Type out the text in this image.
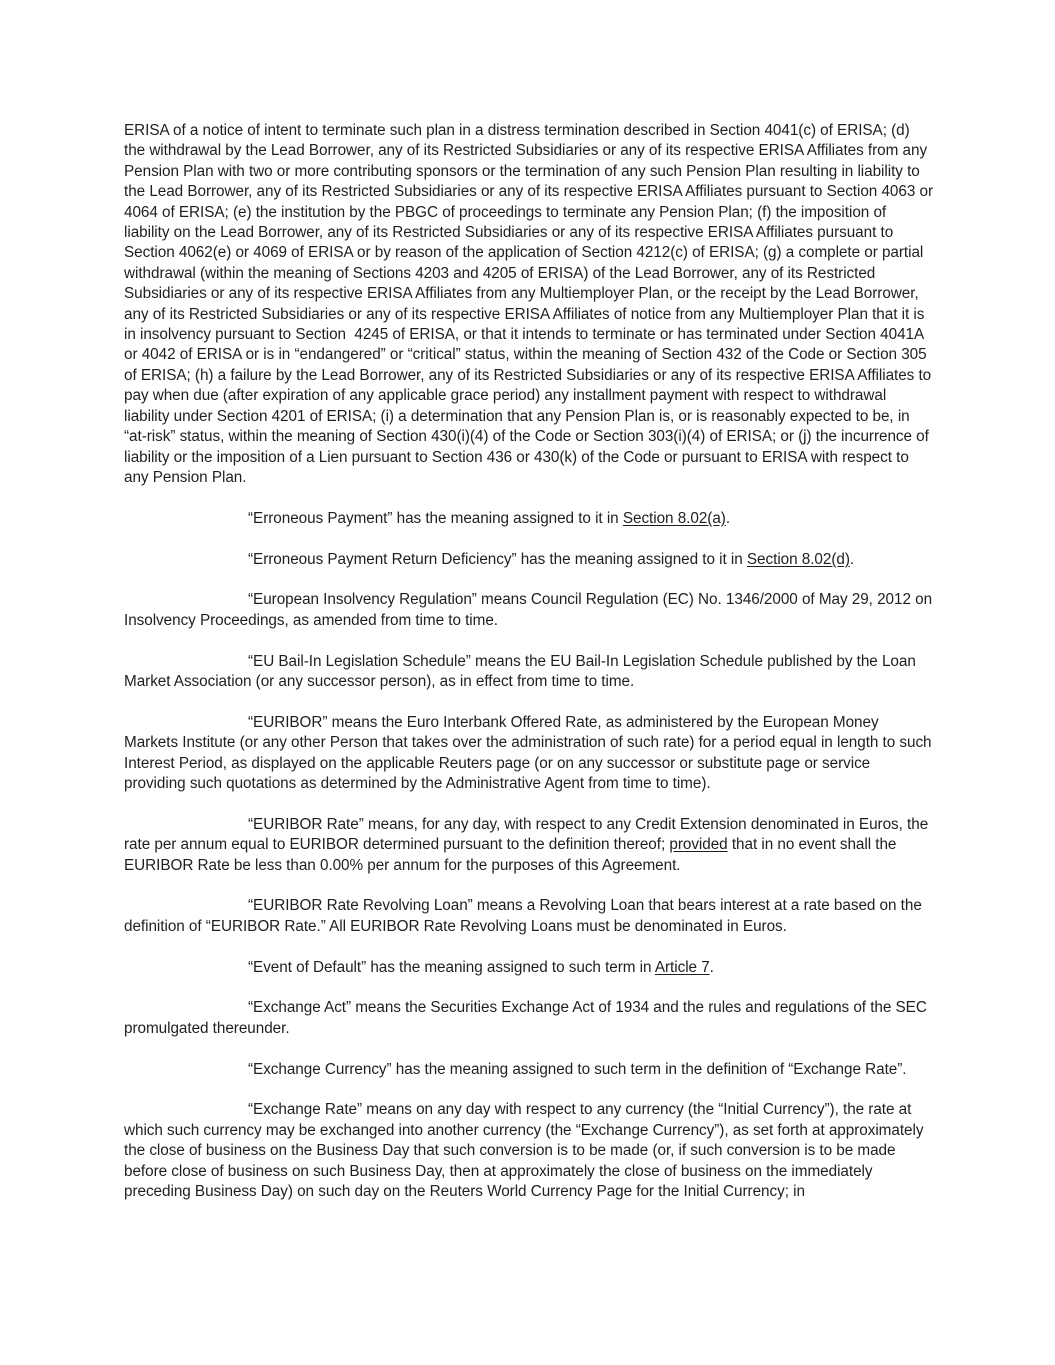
ERISA of a notice of intent to terminate such plan in a distress termination described in Section 4041(c) of ERISA; (d) the withdrawal by the Lead Borrower, any of its Restricted Subsidiaries or any of its respective ERISA Affiliates from any Pension Plan with two or more contributing sponsors or the termination of any such Pension Plan resulting in liability to the Lead Borrower, any of its Restricted Subsidiaries or any of its respective ERISA Affiliates pursuant to Section 4063 or 4064 of ERISA; (e) the institution by the PBGC of proceedings to terminate any Pension Plan; (f) the imposition of liability on the Lead Borrower, any of its Restricted Subsidiaries or any of its respective ERISA Affiliates pursuant to Section 4062(e) or 4069 of ERISA or by reason of the application of Section 4212(c) of ERISA; (g) a complete or partial withdrawal (within the meaning of Sections 4203 and 4205 of ERISA) of the Lead Borrower, any of its Restricted Subsidiaries or any of its respective ERISA Affiliates from any Multiemployer Plan, or the receipt by the Lead Borrower, any of its Restricted Subsidiaries or any of its respective ERISA Affiliates of notice from any Multiemployer Plan that it is in insolvency pursuant to Section  4245 of ERISA, or that it intends to terminate or has terminated under Section 4041A or 4042 of ERISA or is in “endangered” or “critical” status, within the meaning of Section 432 of the Code or Section 305 of ERISA; (h) a failure by the Lead Borrower, any of its Restricted Subsidiaries or any of its respective ERISA Affiliates to pay when due (after expiration of any applicable grace period) any installment payment with respect to withdrawal liability under Section 4201 of ERISA; (i) a determination that any Pension Plan is, or is reasonably expected to be, in “at-risk” status, within the meaning of Section 430(i)(4) of the Code or Section 303(i)(4) of ERISA; or (j) the incurrence of liability or the imposition of a Lien pursuant to Section 436 or 430(k) of the Code or pursuant to ERISA with respect to any Pension Plan.

“Erroneous Payment” has the meaning assigned to it in Section 8.02(a).

“Erroneous Payment Return Deficiency” has the meaning assigned to it in Section 8.02(d).

“European Insolvency Regulation” means Council Regulation (EC) No. 1346/2000 of May 29, 2012 on Insolvency Proceedings, as amended from time to time.

“EU Bail-In Legislation Schedule” means the EU Bail-In Legislation Schedule published by the Loan Market Association (or any successor person), as in effect from time to time.

“EURIBOR” means the Euro Interbank Offered Rate, as administered by the European Money Markets Institute (or any other Person that takes over the administration of such rate) for a period equal in length to such Interest Period, as displayed on the applicable Reuters page (or on any successor or substitute page or service providing such quotations as determined by the Administrative Agent from time to time).

“EURIBOR Rate” means, for any day, with respect to any Credit Extension denominated in Euros, the rate per annum equal to EURIBOR determined pursuant to the definition thereof; provided that in no event shall the EURIBOR Rate be less than 0.00% per annum for the purposes of this Agreement.

“EURIBOR Rate Revolving Loan” means a Revolving Loan that bears interest at a rate based on the definition of “EURIBOR Rate.” All EURIBOR Rate Revolving Loans must be denominated in Euros.

“Event of Default” has the meaning assigned to such term in Article 7.

“Exchange Act” means the Securities Exchange Act of 1934 and the rules and regulations of the SEC promulgated thereunder.

“Exchange Currency” has the meaning assigned to such term in the definition of “Exchange Rate”.

“Exchange Rate” means on any day with respect to any currency (the “Initial Currency”), the rate at which such currency may be exchanged into another currency (the “Exchange Currency”), as set forth at approximately the close of business on the Business Day that such conversion is to be made (or, if such conversion is to be made before close of business on such Business Day, then at approximately the close of business on the immediately preceding Business Day) on such day on the Reuters World Currency Page for the Initial Currency; in
